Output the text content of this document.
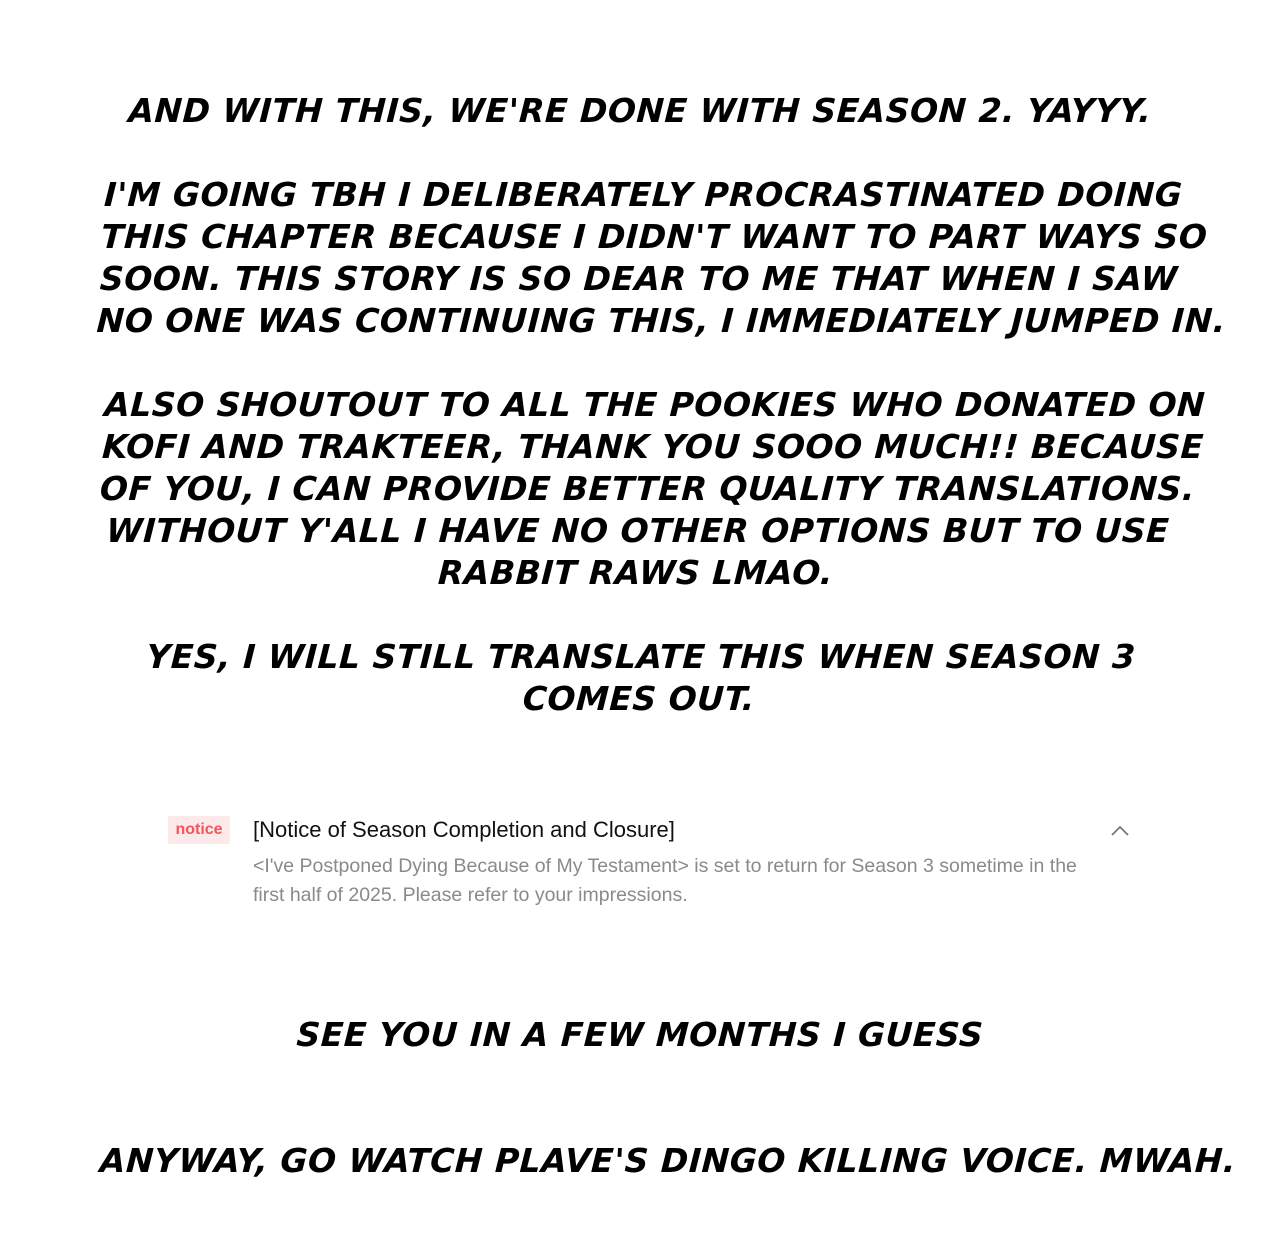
AND WITH THIS, WE'RE DONE WITH SEASON 2. YAYYY.
I'M GOING TBH I DELIBERATELY PROCRASTINATED DOING
THIS CHAPTER BECAUSE I DIDN'T WANT TO PART WAYS SO
SOON. THIS STORY IS SO DEAR TO ME THAT WHEN I SAW
NO ONE WAS CONTINUING THIS, I IMMEDIATELY JUMPED IN.
ALSO SHOUTOUT TO ALL THE POOKIES WHO DONATED ON
KOFI AND TRAKTEER, THANK YOU SOOO MUCH!! BECAUSE
OF YOU, I CAN PROVIDE BETTER QUALITY TRANSLATIONS.
WITHOUT Y'ALL I HAVE NO OTHER OPTIONS BUT TO USE
RABBIT RAWS LMAO.
YES, I WILL STILL TRANSLATE THIS WHEN SEASON 3
COMES OUT.
notice	[Notice of Season Completion and Closure]
<I've Postponed Dying Because of My Testament> is set to return for Season 3 sometime in the
first half of 2025. Please refer to your impressions.
SEE YOU IN A FEW MONTHS I GUESS
ANYWAY, GO WATCH PLAVE'S DINGO KILLING VOICE. MWAH.
